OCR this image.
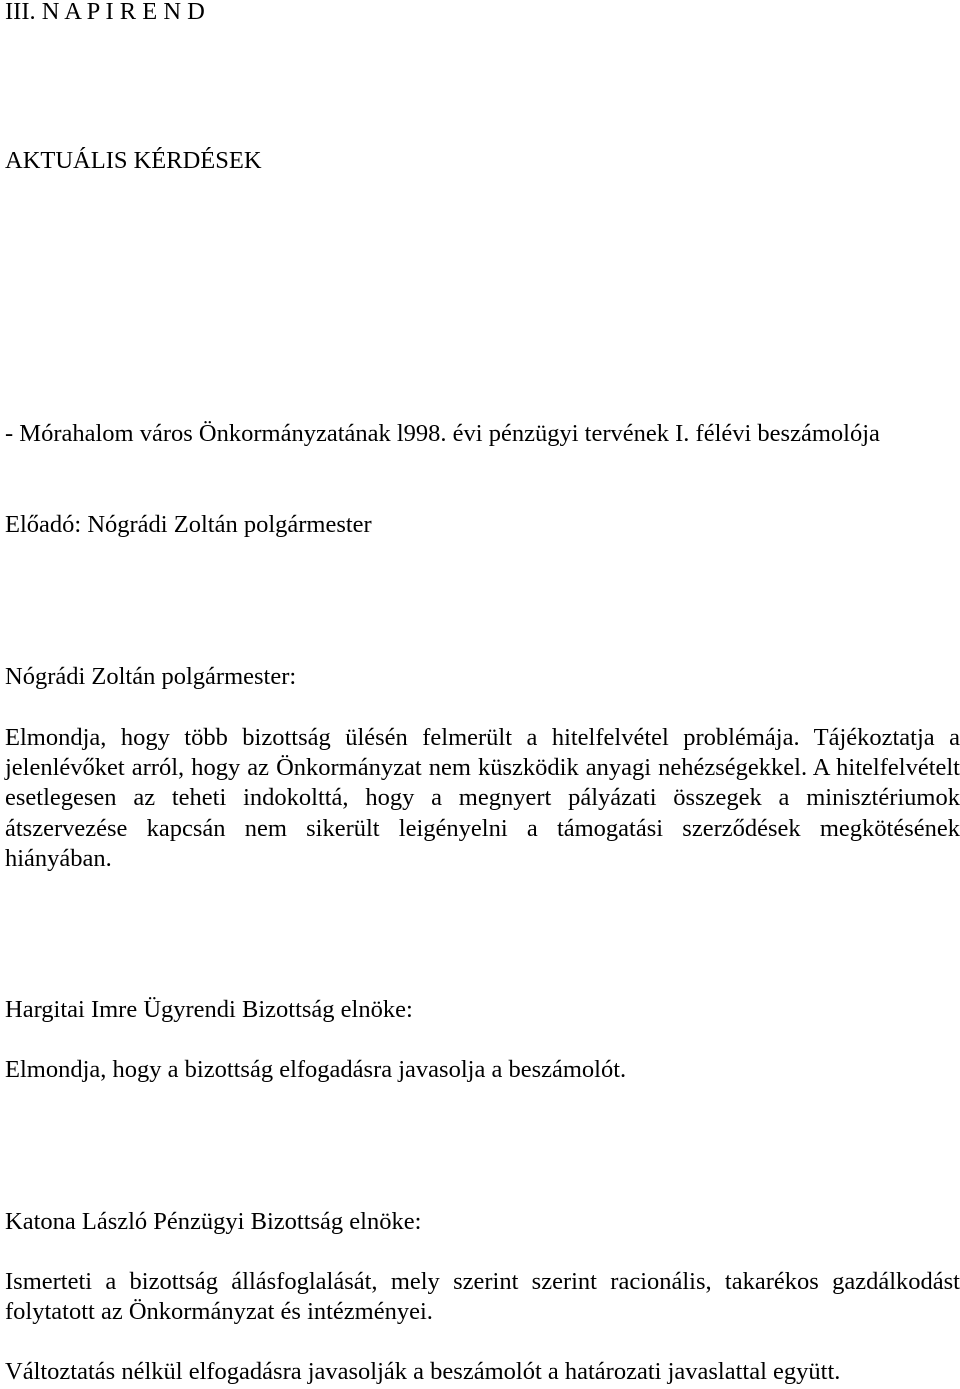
III. N A P I R E N D
AKTUÁLIS KÉRDÉSEK
- Mórahalom város Önkormányzatának l998. évi pénzügyi tervének I. félévi beszámolója
Előadó: Nógrádi Zoltán polgármester
Nógrádi Zoltán polgármester:
Elmondja, hogy több bizottság ülésén felmerült a hitelfelvétel problémája. Tájékoztatja a jelenlévőket arról, hogy az Önkormányzat nem küszködik anyagi nehézségekkel. A hitelfelvételt esetlegesen az teheti indokolttá, hogy a megnyert pályázati összegek a minisztériumok átszervezése kapcsán nem sikerült leigényelni a támogatási szerződések megkötésének hiányában.
Hargitai Imre Ügyrendi Bizottság elnöke:
Elmondja, hogy a bizottság elfogadásra javasolja a beszámolót.
Katona László Pénzügyi Bizottság elnöke:
Ismerteti a bizottság állásfoglalását, mely szerint szerint racionális, takarékos gazdálkodást folytatott az Önkormányzat és intézményei.
Változtatás nélkül elfogadásra javasolják a beszámolót a határozati javaslattal együtt.
